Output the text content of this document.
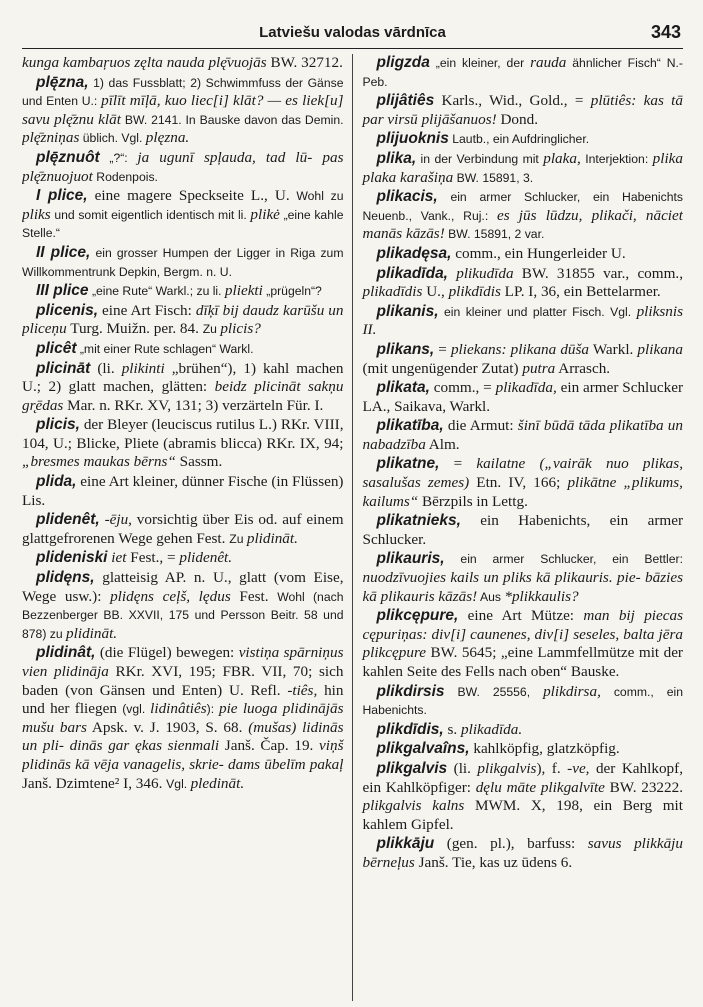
Latviešu valodas vārdnīca	343

kunga kambaŗuos zęlta nauda plę̄vuojās BW. 32712.

plę̄zna, 1) das Fussblatt; 2) Schwimmfuss der Gänse und Enten U.: pīlīt mīļā, kuo liec[i] klāt? — es liek[u] savu plę̄znu klāt BW. 2141. In Bauske davon das Demin. plę̄zniņas üblich. Vgl. plęzna.

plę̄znuôt „?“: ja ugunī spļauda, tad lū- pas plę̄znuojuot Rodenpois.

I plice, eine magere Speckseite L., U. Wohl zu pliks und somit eigentlich identisch mit li. plikė „eine kahle Stelle.“

II plice, ein grosser Humpen der Ligger in Riga zum Willkommentrunk Depkin, Bergm. n. U.

III plice „eine Rute“ Warkl.; zu li. pliekti „prügeln“?

plicenis, eine Art Fisch: dīķī bij daudz karūšu un pliceņu Turg. Muižn. per. 84. Zu plicis?

plicêt „mit einer Rute schlagen“ Warkl.

plicināt (li. plikinti „brühen“), 1) kahl machen U.; 2) glatt machen, glätten: beidz plicināt sakņu gr̨ēdas Mar. n. RKr. XV, 131; 3) verzärteln Für. I.

plicis, der Bleyer (leuciscus rutilus L.) RKr. VIII, 104, U.; Blicke, Pliete (abramis blicca) RKr. IX, 94; „bresmes maukas bērns“ Sassm.

plida, eine Art kleiner, dünner Fische (in Flüssen) Lis.

plidenêt, -ēju, vorsichtig über Eis od. auf einem glattgefrorenen Wege gehen Fest. Zu plidināt.

plideniski iet Fest., = plidenêt.

plidęns, glatteisig AP. n. U., glatt (vom Eise, Wege usw.): plidęns ceļš, lędus Fest. Wohl (nach Bezzenberger BB. XXVII, 175 und Persson Beitr. 58 und 878) zu plidināt.

plidinât, (die Flügel) bewegen: vistiņa spārniņus vien plidināja RKr. XVI, 195; FBR. VII, 70; sich baden (von Gänsen und Enten) U. Refl. -tiês, hin und her fliegen (vgl. lidinâtiês): pie luoga plidinājās mušu bars Apsk. v. J. 1903, S. 68. (mušas) lidinās un pli- dinās gar ękas sienmali Janš. Čap. 19. viņš plidinās kā vēja vanagelis, skrie- dams ūbelīm pakaļ Janš. Dzimtene² I, 346. Vgl. pledināt.

pligzda „ein kleiner, der rauda ähnlicher Fisch“ N.-Peb.

plijâtiês Karls., Wid., Gold., = plūtiês: kas tā par virsū plijāšanuos! Dond.

plijuoknis Lautb., ein Aufdringlicher.

plika, in der Verbindung mit plaka, Interjektion: plika plaka karašiņa BW. 15891, 3.

plikacis, ein armer Schlucker, ein Habenichts Neuenb., Vank., Ruj.: es jūs lūdzu, plikači, nāciet manās kāzās! BW. 15891, 2 var.

plikadęsa, comm., ein Hungerleider U.

plikadīda, plikudīda BW. 31855 var., comm., plikadīdis U., plikdīdis LP. I, 36, ein Bettelarmer.

plikanis, ein kleiner und platter Fisch. Vgl. pliksnis II.

plikans, = pliekans: plikana dūša Warkl. plikana (mit ungenügender Zutat) putra Arrasch.

plikata, comm., = plikadīda, ein armer Schlucker LA., Saikava, Warkl.

plikatība, die Armut: šinī būdā tāda plikatība un nabadzība Alm.

plikatne, = kailatne („vairāk nuo plikas, sasalušas zemes) Etn. IV, 166; plikātne „plikums, kailums“ Bērzpils in Lettg.

plikatnieks, ein Habenichts, ein armer Schlucker.

plikauris, ein armer Schlucker, ein Bettler: nuodzīvuojies kails un pliks kā plikauris. pie- bāzies kā plikauris kāzās! Aus *plikkaulis?

plikcępure, eine Art Mütze: man bij piecas cępuriņas: div[i] caunenes, div[i] seseles, balta jēra plikcępure BW. 5645; „eine Lammfellmütze mit der kahlen Seite des Fells nach oben“ Bauske.

plikdirsis BW. 25556, plikdirsa, comm., ein Habenichts.

plikdīdis, s. plikadīda.

plikgalvaîns, kahlköpfig, glatzköpfig.

plikgalvis (li. plikgalvis), f. -ve, der Kahlkopf, ein Kahlköpfiger: dęlu māte plikgalvīte BW. 23222. plikgalvis kalns MWM. X, 198, ein Berg mit kahlem Gipfel.

plikkāju (gen. pl.), barfuss: savus plikkāju bērneļus Janš. Tie, kas uz ūdens 6.
